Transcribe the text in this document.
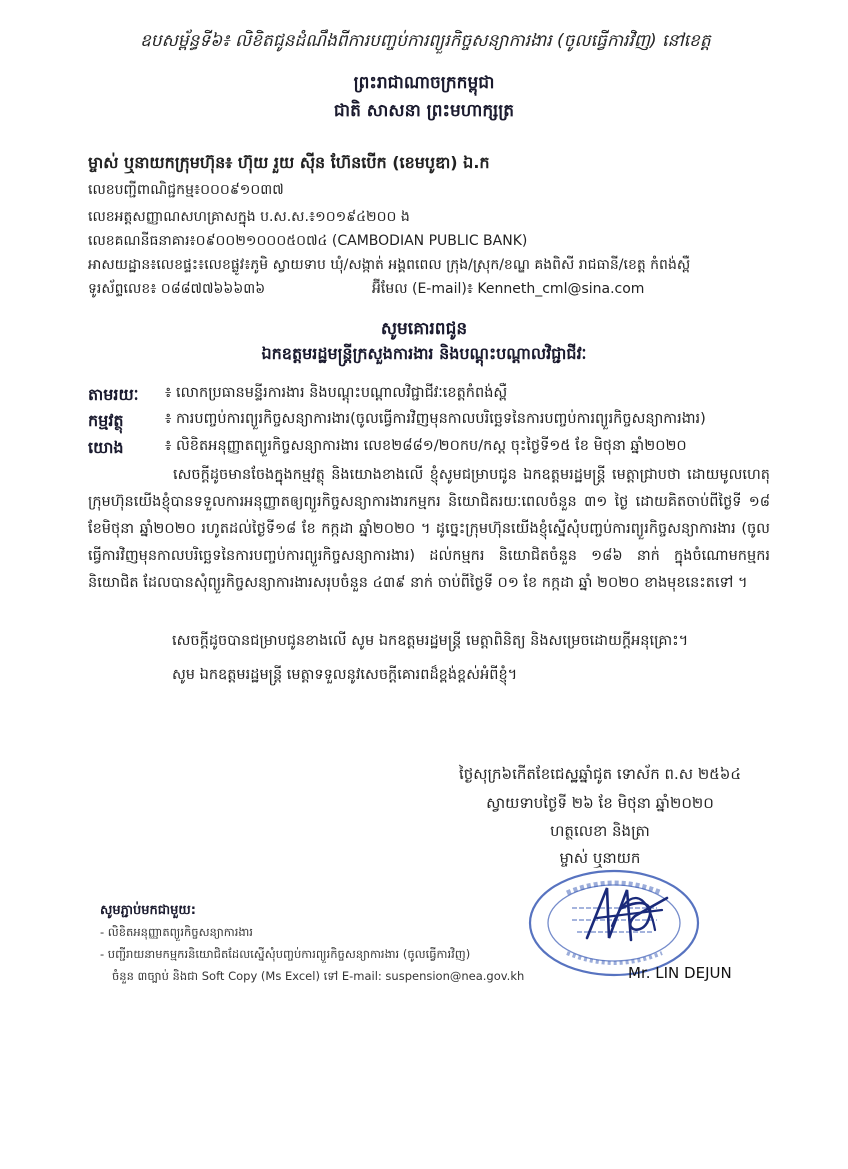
ឧបសម្ព័ន្ធទី៦៖ លិខិតជូនដំណឹងពីការបញ្ចប់ការព្យួរកិច្ចសន្យាការងារ (ចូលធ្វើការវិញ) នៅខេត្ត
ព្រះរាជាណាចក្រកម្ពុជា
ជាតិ សាសនា ព្រះមហាក្សត្រ
ម្ចាស់ ឬនាយកក្រុមហ៊ុន៖ ហ៊ុយ រួយ ស៊ីន ហ៊ែនបើក (ខេមបូឌា) ឯ.ក
លេខបញ្ជីពាណិជ្ជកម្ម៖០០០៩១០៣៧
លេខអត្តសញ្ញាណសហគ្រាសក្នុង ប.ស.ស.៖១០១៩៤២០០ ង
លេខគណនីធនាគារ៖០៩០០២១០០០៥០៧៤ (CAMBODIAN PUBLIC BANK)
អាសយដ្ឋាន៖លេខផ្ទះ៖លេខផ្លូវ៖ភូមិ ស្វាយទាប ឃុំ/សង្កាត់ អង្គពពេល ក្រុង/ស្រុក/ខណ្ឌ គងពិសី រាជធានី/ខេត្ត កំពង់ស្ពឺ
ទូរស័ព្ទលេខ៖ ០៨៨៧៧៦៦៦៣៦	អ៊ីមែល (E-mail)៖ Kenneth_cml@sina.com
សូមគោរពជូន
ឯកឧត្តមរដ្ឋមន្ត្រីក្រសួងការងារ និងបណ្តុះបណ្តាលវិជ្ជាជីវៈ
តាមរយៈ ៖ លោកប្រធានមន្ទីរការងារ និងបណ្តុះបណ្តាលវិជ្ជាជីវៈខេត្តកំពង់ស្ពឺ
កម្មវត្ថុ	៖ ការបញ្ចប់ការព្យួរកិច្ចសន្យាការងារ(ចូលធ្វើការវិញមុនកាលបរិច្ឆេទនៃការបញ្ចប់ការព្យួរកិច្ចសន្យាការងារ)
យោង	៖ លិខិតអនុញ្ញាតព្យួរកិច្ចសន្យាការងារ លេខ២៨៨១/២០កប/កស្ត ចុះថ្ងៃទី១៥ ខែ មិថុនា ឆ្នាំ២០២០
សេចក្តីដូចមានចែងក្នុងកម្មវត្ថុ និងយោងខាងលើ ខ្ញុំសូមជម្រាបជូន ឯកឧត្តមរដ្ឋមន្ត្រី មេត្តាជ្រាបថា ដោយមូលហេតុក្រុមហ៊ុនយើងខ្ញុំបានទទួលការអនុញ្ញាតឲ្យព្យួរកិច្ចសន្យាការងារកម្មករ និយោជិតរយៈពេលចំនួន ៣១ ថ្ងៃ ដោយគិតចាប់ពីថ្ងៃទី ១៨ ខែមិថុនា ឆ្នាំ២០២០ រហូតដល់ថ្ងៃទី១៨ ខែ កក្កដា ឆ្នាំ២០២០ ។ ដូច្នេះក្រុមហ៊ុនយើងខ្ញុំស្នើសុំបញ្ចប់ការព្យួរកិច្ចសន្យាការងារ (ចូលធ្វើការវិញមុនកាលបរិច្ឆេទនៃការបញ្ចប់ការព្យួរកិច្ចសន្យាការងារ) ដល់កម្មករ និយោជិតចំនួន ១៨៦ នាក់ ក្នុងចំណោមកម្មករ និយោជិត ដែលបានសុំព្យួរកិច្ចសន្យាការងារសរុបចំនួន ៤៣៩ នាក់ ចាប់ពីថ្ងៃទី ០១ ខែ កក្កដា ឆ្នាំ ២០២០ ខាងមុខនេះតទៅ ។
សេចក្តីដូចបានជម្រាបជូនខាងលើ សូម ឯកឧត្តមរដ្ឋមន្ត្រី មេត្តាពិនិត្យ និងសម្រេចដោយក្តីអនុគ្រោះ។
សូម ឯកឧត្តមរដ្ឋមន្ត្រី មេត្តាទទួលនូវសេចក្តីគោរពដ៏ខ្ពង់ខ្ពស់អំពីខ្ញុំ។
ថ្ងៃសុក្រ៦កើតខែជេស្ឋឆ្នាំជូត ទោស័ក ព.ស ២៥៦៤
ស្វាយទាបថ្ងៃទី ២៦ ខែ មិថុនា ឆ្នាំ២០២០
ហត្ថលេខា និងត្រា
ម្ចាស់ ឬនាយក
Mr. LIN DEJUN
សូមភ្ជាប់មកជាមួយ:
- លិខិតអនុញ្ញាតព្យួរកិច្ចសន្យាការងារ
- បញ្ជីរាយនាមកម្មករនិយោជិតដែលស្នើសុំបញ្ចប់ការព្យួរកិច្ចសន្យាការងារ (ចូលធ្វើការវិញ)
ចំនួន ៣ច្បាប់ និងជា Soft Copy (Ms Excel) ទៅ E-mail: suspension@nea.gov.kh
